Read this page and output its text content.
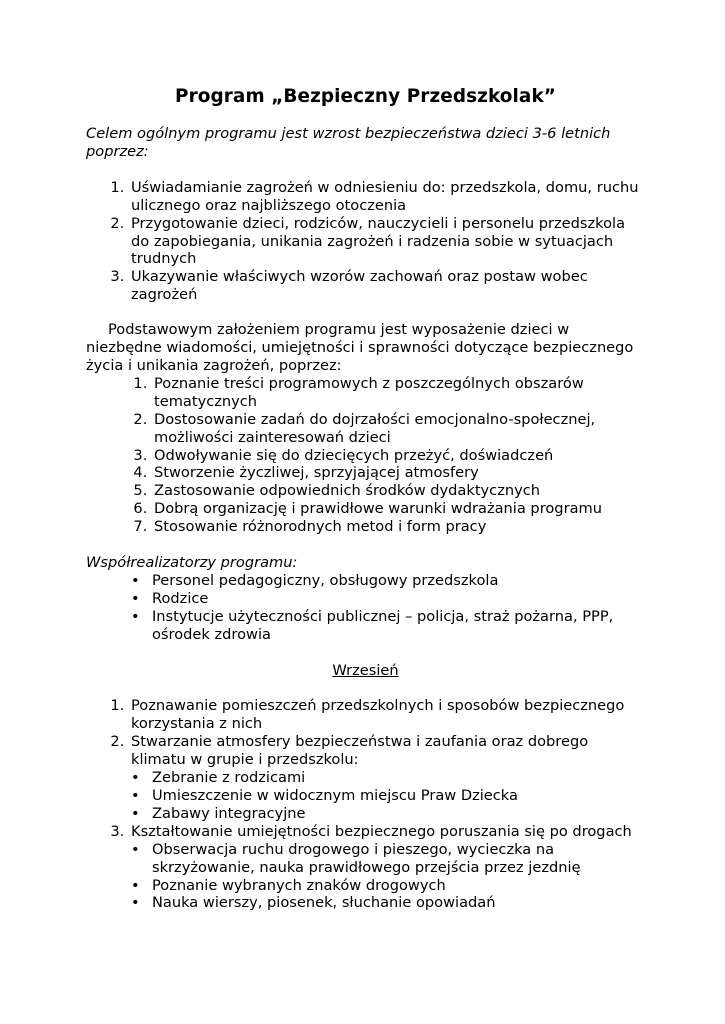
Program „Bezpieczny Przedszkolak”
Celem ogólnym programu jest wzrost bezpieczeństwa dzieci 3-6 letnich poprzez:
1. Uświadamianie zagrożeń w odniesieniu do: przedszkola, domu, ruchu ulicznego oraz najbliższego otoczenia
2. Przygotowanie dzieci, rodziców, nauczycieli i personelu przedszkola do zapobiegania, unikania zagrożeń i radzenia sobie w sytuacjach trudnych
3. Ukazywanie właściwych wzorów zachowań oraz postaw wobec zagrożeń

Podstawowym założeniem programu jest wyposażenie dzieci w niezbędne wiadomości, umiejętności i sprawności dotyczące bezpiecznego życia i unikania zagrożeń, poprzez:

1. Poznanie treści programowych z poszczególnych obszarów tematycznych
2. Dostosowanie zadań do dojrzałości emocjonalno-społecznej, możliwości zainteresowań dzieci
3. Odwoływanie się do dziecięcych przeżyć, doświadczeń
4. Stworzenie życzliwej, sprzyjającej atmosfery
5. Zastosowanie odpowiednich środków dydaktycznych
6. Dobrą organizację i prawidłowe warunki wdrażania programu
7. Stosowanie różnorodnych metod i form pracy
Współrealizatorzy programu:
• Personel pedagogiczny, obsługowy przedszkola
• Rodzice
• Instytucje użyteczności publicznej – policja, straż pożarna, PPP, ośrodek zdrowia
Wrzesień
1. Poznawanie pomieszczeń przedszkolnych i sposobów bezpiecznego korzystania z nich
2. Stwarzanie atmosfery bezpieczeństwa i zaufania oraz dobrego klimatu w grupie i przedszkolu:
• Zebranie z rodzicami
• Umieszczenie w widocznym miejscu Praw Dziecka
• Zabawy integracyjne
3. Kształtowanie umiejętności bezpiecznego poruszania się po drogach
• Obserwacja ruchu drogowego i pieszego, wycieczka na skrzyżowanie, nauka prawidłowego przejścia przez jezdnię
• Poznanie wybranych znaków drogowych
• Nauka wierszy, piosenek, słuchanie opowiadań
